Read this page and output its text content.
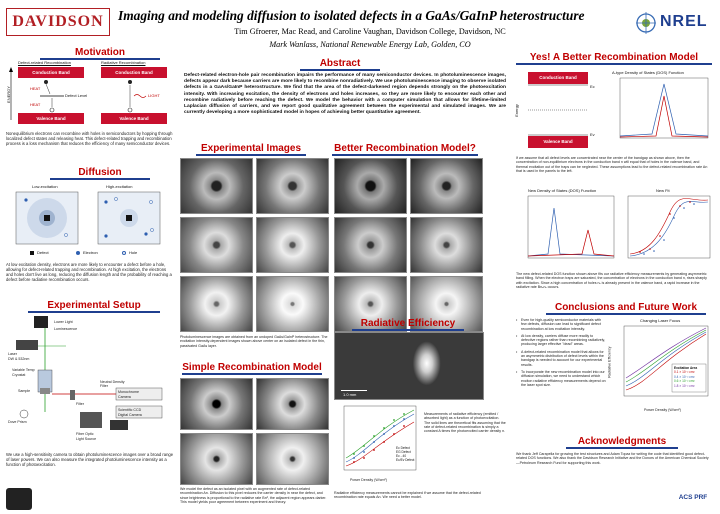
DAVIDSON Imaging and modeling diffusion to isolated defects in a GaAs/GaInP heterostructure
Tim Gfroerer, Mac Read, and Caroline Vaughan, Davidson College, Davidson, NC
Mark Wanlass, National Renewable Energy Lab, Golden, CO
NREL
Motivation
Defect-related Recombination	Radiative Recombination
Conduction Band
Valence Band
Conduction Band
Valence Band
ENERGY	Defect Level
HEAT
HEAT
LIGHT
Nonequilibrium electrons can recombine with holes in semiconductors by hopping through localized defect states and releasing heat. This defect-related trapping and recombination process is a loss mechanism that reduces the efficiency of many semiconductor devices.
Diffusion
Low-excitation	High-excitation
Defect	Electron	Hole
At low excitation density, electrons are more likely to encounter a defect before a hole, allowing for defect-related trapping and recombination. At high excitation, the electrons and holes don't live as long, reducing the diffusion length and the probability of reaching a defect before radiative recombination occurs.
Experimental Setup
Lower Light
Luminescence
Laser
DW & 532nm
Variable Temp
Cryostat
Sample
Filter
Neutral Density
Filter
Dove Prism
Monochrome
Camera
Scientific CCD
Digital Camera
Fiber Optic
Light Source
We use a high-sensitivity camera to obtain photoluminescence images over a broad range of laser powers. We can also measure the integrated photoluminescence intensity as a function of photoexcitation.
Abstract
Defect-related electron-hole pair recombination impairs the performance of many semiconductor devices. In photoluminescence images, defects appear dark because carriers are more likely to recombine nonradiatively. We use photoluminescence imaging to observe isolated defects in a GaAs/GaInP heterostructure. We find that the area of the defect-darkened region depends strongly on the photoexcitation intensity. With increasing excitation, the density of electrons and holes increases, so they are more likely to encounter each other and recombine radiatively before reaching the defect. We model the behavior with a computer simulation that allows for lifetime-limited Laplacian diffusion of carriers, and we report good qualitative agreement between the experimental and simulated images. We are currently developing a more sophisticated model in hopes of achieving better quantitative agreement.
Experimental Images	Better Recombination Model?
Photoluminescence images are obtained from an undoped GaAs/GaInP heterostructure. The excitation intensity-dependent images shown above center on an isolated defect in the thin, passivated GaAs layer.
Simple Recombination Model
We model the defect as an isolated pixel with an augmented rate of defect-related recombination An. Diffusion to this pixel reduces the carrier density in near the defect, and since brightness is proportional to the radiative rate Bn², the adjacent region appears darker. This model yields poor agreement between experiment and theory.
Radiative Efficiency
1.0 mm
Power Density (W/cm²)
Ec Defect
EG Defect
Ec - 40
Ec/Ev Defect
Measurements of radiative efficiency (emitted / absorbed light) as a function of photoexcitation. The solid lines are theoretical fits assuming that the rate of defect-related recombination is simply a constant A times the photoexcited carrier density n.
Radiative efficiency measurements cannot be explained if we assume that the defect-related recombination rate equals An. We need a better model.
Yes! A Better Recombination Model
Conduction Band
Valence Band
Ec
Ev
Energy
A-type Density of States (DOS) Function
If we assume that all defect levels are concentrated near the center of the bandgap as shown above, then the concentration of non-equilibrium electrons in the conduction band n will equal that of holes in the valence band, and thermal excitation out of the traps can be neglected. These assumptions lead to the defect-related recombination rate An that is used in the panels to the left.
New Density of States (DOS) Function	New Fit
The new defect-related DOS function shown above fits our radiative efficiency measurements by generating asymmetric band filling. When the electron traps are saturated, the concentration of electrons in the conduction band n, rises sharply with excitation. Since a high concentration of holes nᵥ is already present in the valence band, a rapid increase in the radiative rate Bnₑnᵥ occurs.
Conclusions and Future Work
• Even for high-quality semiconductor materials with few defects, diffusion can lead to significant defect recombination at low excitation intensity.
• At low density, carriers diffuse more readily to defective regions rather than recombining radiatively, producing larger effective "dead" areas.
• A defect-related recombination model that allows for an asymmetric distribution of defect levels within the bandgap is needed to account for our experimental results.
• To incorporate the new recombination model into our diffusion simulation, we need to understand which exciton radiative efficiency measurements depend on the laser spot size.
Changing Laser Focus
Excitation Area
0.1 × 10⁻² cm²
0.4 × 10⁻² cm²
0.6 × 10⁻² cm²
1.8 × 10⁻² cm²
Power Density (W/cm²)
Radiative Efficiency
Acknowledgments
We thank Jeff Carapella for growing the test structures and Adam Topaz for writing the code that identified good defect-related DOS functions. We also thank the Davidson Research Initiative and the Donors of the American Chemical Society—Petroleum Research Fund for supporting this work.
ACS PRF
